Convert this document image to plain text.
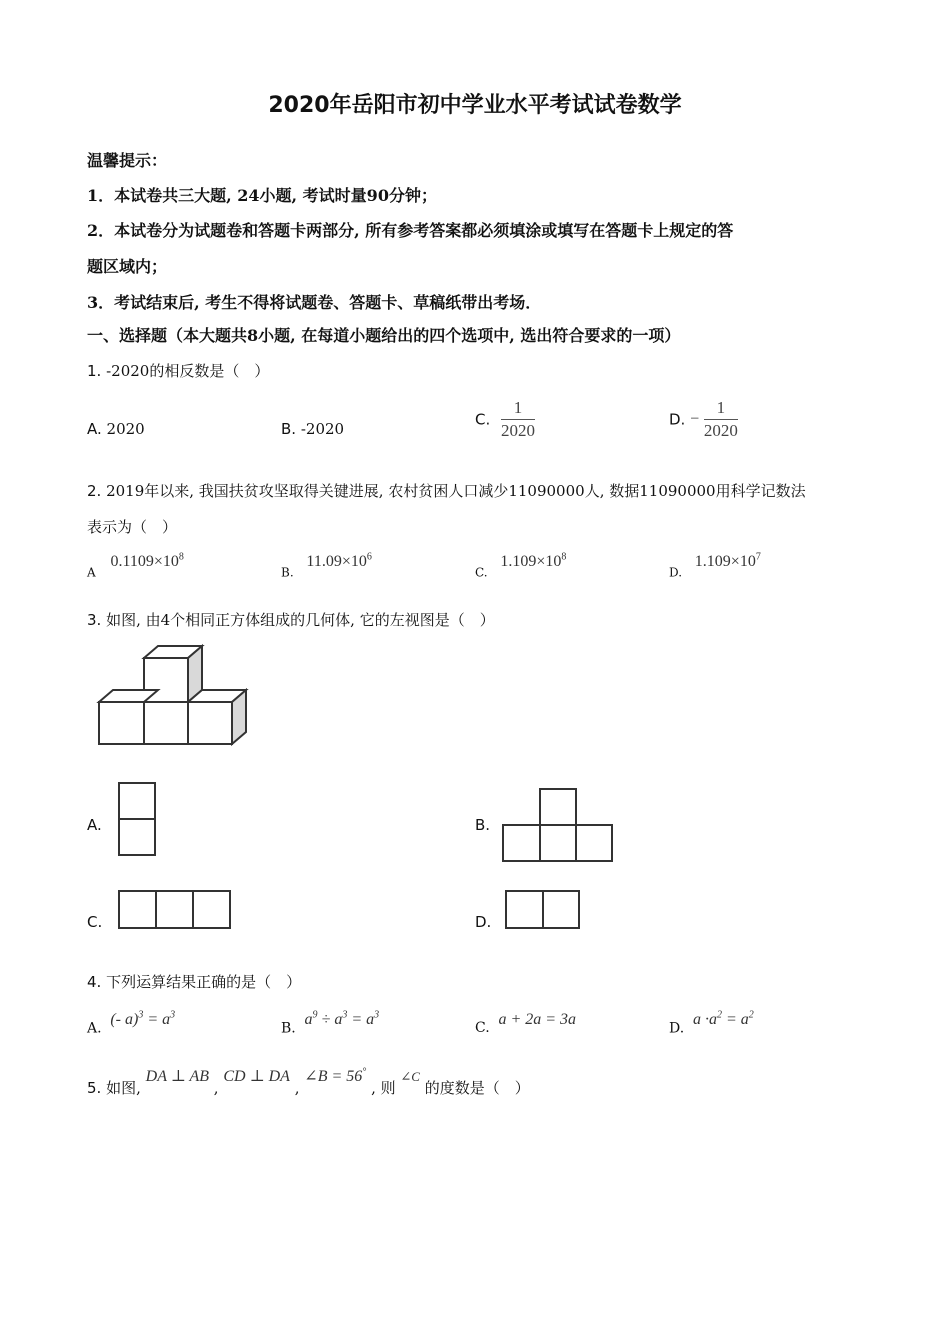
2020年岳阳市初中学业水平考试试卷数学
温馨提示：
1．本试卷共三大题, 24小题, 考试时量90分钟；
2．本试卷分为试题卷和答题卡两部分, 所有参考答案都必须填涂或填写在答题卡上规定的答
题区域内；
3．考试结束后, 考生不得将试题卷、答题卡、草稿纸带出考场．
一、选择题（本大题共8小题, 在每道小题给出的四个选项中, 选出符合要求的一项）
1. -2020的相反数是（　）
A. 2020	B. -2020
C. $\frac{1}{2020}$	D. − $\frac{1}{2020}$
2. 2019年以来, 我国扶贫攻坚取得关键进展, 农村贫困人口减少11090000人, 数据11090000用科学记数法
表示为（　）
$_A$ $0.1109\times 10^8$
$_{B.}$ $11.09\times 10^6$
$_{C.}$ $1.109\times 10^8$
$_{D.}$ $1.109\times 10^7$
3. 如图, 由4个相同正方体组成的几何体, 它的左视图是（　）
A.	B.
C.	D.
4. 下列运算结果正确的是（　）
A. (- $a)^3 = a^3$
B. $a^9 \div a^3 = a^3$
C. a + 2a = 3a
D. $a \cdot a^2 = a^2$
5. 如图, DA ⊥ AB , CD ⊥ DA , ∠B = 56° , 则 ∠C 的度数是（　）
